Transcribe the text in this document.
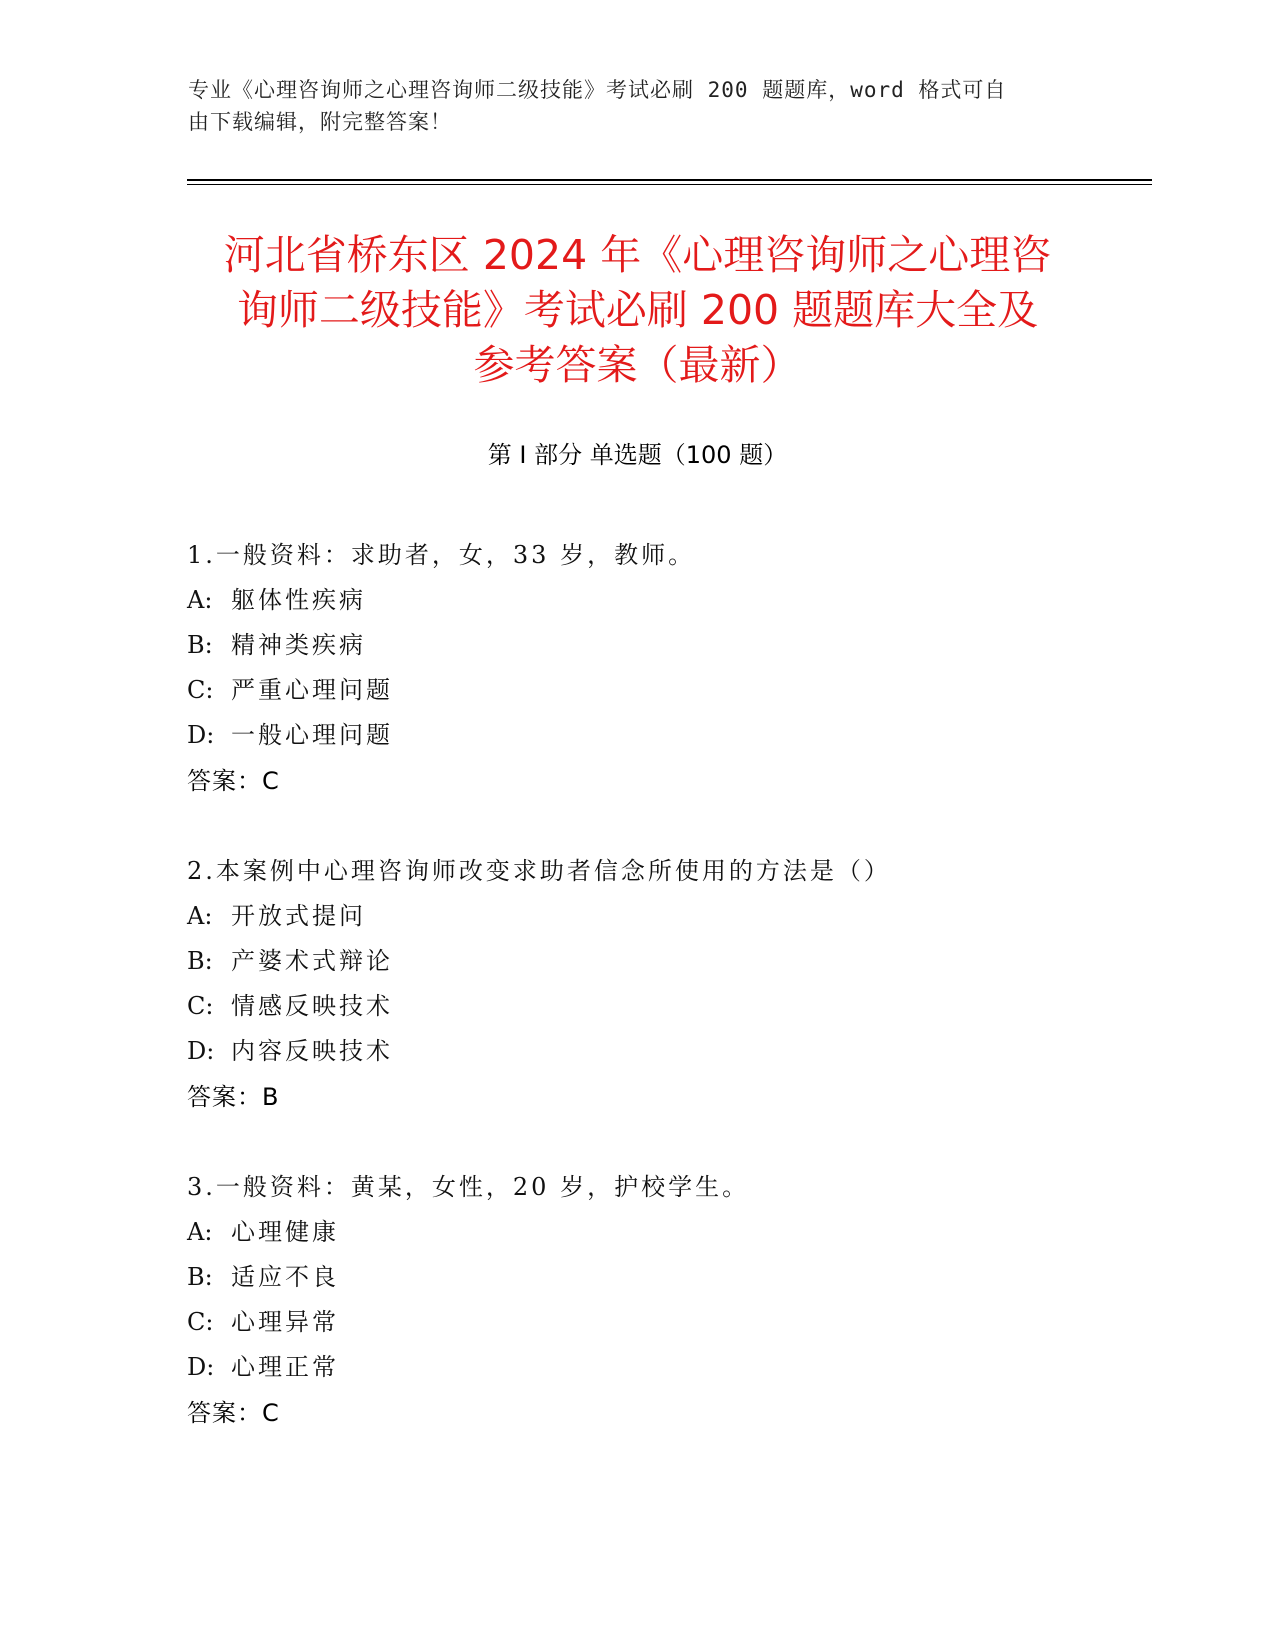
专业《心理咨询师之心理咨询师二级技能》考试必刷 200 题题库，word 格式可自
由下载编辑，附完整答案！
河北省桥东区 2024 年《心理咨询师之心理咨
询师二级技能》考试必刷 200 题题库大全及
参考答案（最新）
第 I 部分 单选题（100 题）
1.一般资料：求助者，女，33 岁，教师。
A: 躯体性疾病
B: 精神类疾病
C: 严重心理问题
D: 一般心理问题
答案：C
2.本案例中心理咨询师改变求助者信念所使用的方法是（）
A: 开放式提问
B: 产婆术式辩论
C: 情感反映技术
D: 内容反映技术
答案：B
3.一般资料：黄某，女性，20 岁，护校学生。
A: 心理健康
B: 适应不良
C: 心理异常
D: 心理正常
答案：C
